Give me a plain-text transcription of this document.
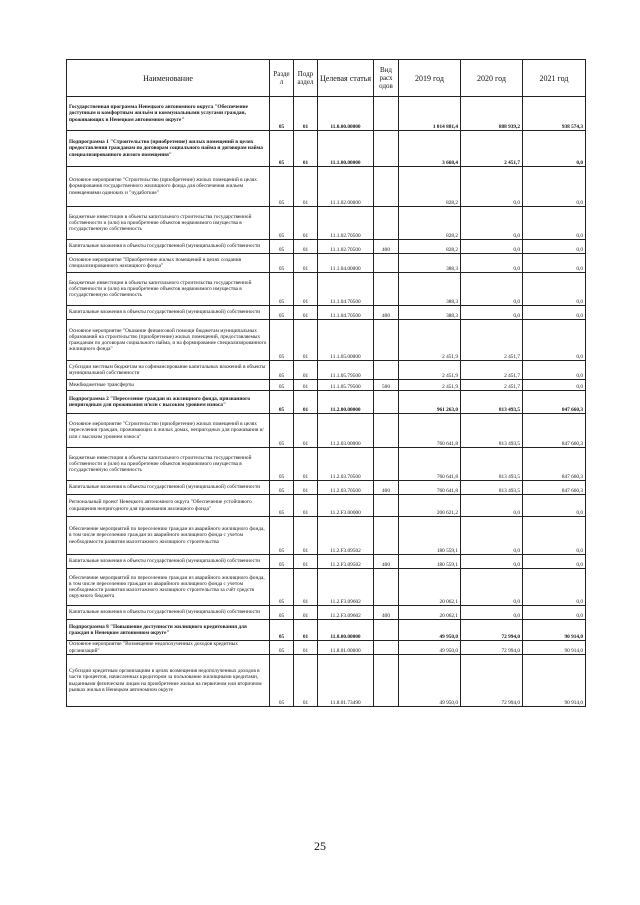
Наименование	Разде л	Подр аздел	Целевая статья	Вид расх одов	2019 год	2020 год	2021 год
Государственная программа Ненецкого автономного округа "Обеспечение доступным и комфортным жильём и коммунальными услугами граждан, проживающих в Ненецком автономном округе"	05	01	11.0.00.00000		1 014 881,4	888 939,2	938 574,3
Подпрограмма 1 "Строительство (приобретение) жилых помещений в целях предоставления гражданам по договорам социального найма и договорам найма специализированного жилого помещения"	05	01	11.1.00.00000		3 668,4	2 451,7	0,0
Основное мероприятие "Строительство (приобретение) жилых помещений в целях формирования государственного жилищного фонда для обеспечения жильем помещениями одиноких и "чудаботкие"	05	01	11.1.02.00000		828,2	0,0	0,0
Бюджетные инвестиции в объекты капитального строительства государственной собственности и (или) на приобретение объектов недвижимого имущества в государственную собственность	05	01	11.1.02.70500		828,2	0,0	0,0
Капитальные вложения в объекты государственной (муниципальной) собственности	05	01	11.1.02.70500	400	828,2	0,0	0,0
Основное мероприятие "Приобретение жилых помещений в целях создания специализированного жилищного фонда"	05	01	11.1.04.00000		388,3	0,0	0,0
Бюджетные инвестиции в объекты капитального строительства государственной собственности и (или) на приобретение объектов недвижимого имущества в государственную собственность	05	01	11.1.04.70500		388,3	0,0	0,0
Капитальные вложения в объекты государственной (муниципальной) собственности	05	01	11.1.04.70500	400	388,3	0,0	0,0
Основное мероприятие "Оказание финансовой помощи бюджетам муниципальных образований на строительство (приобретение) жилых помещений, предоставляемых гражданам по договорам социального найма, и на формирование специализированного жилищного фонда"	05	01	11.1.05.00000		2 451,9	2 451,7	0,0
Субсидии местным бюджетам на софинансирование капитальных вложений в объекты муниципальной собственности	05	01	11.1.05.79500		2 451,9	2 451,7	0,0
Межбюджетные трансферты	05	01	11.1.05.79500	500	2 451,9	2 451,7	0,0
Подпрограмма 2 "Переселение граждан из жилищного фонда, признанного непригодным для проживания и/или с высоким уровнем износа"	05	01	11.2.00.00000		961 263,0	813 493,5	847 660,3
Основное мероприятие "Строительство (приобретение) жилых помещений в целях переселения граждан, проживающих в жилых домах, непригодных для проживания и/или с высоким уровнем износа"	05	01	11.2.03.00000		760 641,8	813 493,5	847 660,3
Бюджетные инвестиции в объекты капитального строительства государственной собственности и (или) на приобретение объектов недвижимого имущества в государственную собственность	05	01	11.2.03.70500		760 641,8	813 493,5	847 660,3
Капитальные вложения в объекты государственной (муниципальной) собственности	05	01	11.2.03.70500	400	760 641,8	813 493,5	847 660,3
Региональный проект Ненецкого автономного округа "Обеспечение устойчивого сокращения непригодного для проживания жилищного фонда"	05	01	11.2.F3.00000		200 621,2	0,0	0,0
Обеспечение мероприятий по переселению граждан из аварийного жилищного фонда, в том числе переселению граждан из аварийного жилищного фонда с учетом необходимости развития малоэтажного жилищного строительства	05	01	11.2.F3.09502		180 559,1	0,0	0,0
Капитальные вложения в объекты государственной (муниципальной) собственности	05	01	11.2.F3.09502	400	180 559,1	0,0	0,0
Обеспечение мероприятий по переселению граждан из аварийного жилищного фонда, в том числе переселению граждан из аварийного жилищного фонда с учетом необходимости развития малоэтажного жилищного строительства за счёт средств окружного бюджета	05	01	11.2.F3.09602		20 062,1	0,0	0,0
Капитальные вложения в объекты государственной (муниципальной) собственности	05	01	11.2.F3.09602	400	20 062,1	0,0	0,0
Подпрограмма 8 "Повышение доступности жилищного кредитования для граждан в Ненецком автономном округе"	05	01	11.8.00.00000		49 950,0	72 994,0	90 914,0
Основное мероприятие "Возмещение недополученных доходов кредитных организаций"	05	01	11.8.01.00000		49 950,0	72 994,0	90 914,0
Субсидии кредитным организациям в целях возмещения недополученных доходов в части процентов, начисленных кредитором за пользование жилищными кредитами, выданными физическим лицам на приобретение жилья на первичном или вторичном рынках жилья в Ненецком автономном округе	05	01	11.8.01.73490		49 950,0	72 994,0	90 914,0
25
